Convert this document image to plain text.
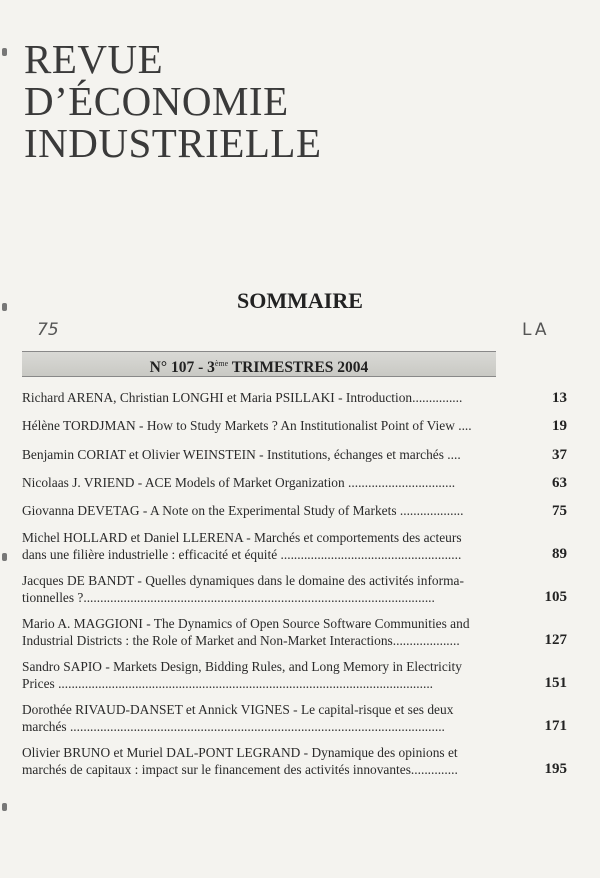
REVUE
D’ÉCONOMIE
INDUSTRIELLE
SOMMAIRE
75	LA
N° 107 - 3ème TRIMESTRES 2004
Richard ARENA, Christian LONGHI et Maria PSILLAKI - Introduction...............	13
Hélène TORDJMAN - How to Study Markets ? An Institutionalist Point of View ....	19
Benjamin CORIAT et Olivier WEINSTEIN - Institutions, échanges et marchés ....	37
Nicolaas J. VRIEND - ACE Models of Market Organization ................................	63
Giovanna DEVETAG - A Note on the Experimental Study of Markets ...................	75
Michel HOLLARD et Daniel LLERENA - Marchés et comportements des acteurs
dans une filière industrielle : efficacité et équité ......................................................	89
Jacques DE BANDT - Quelles dynamiques dans le domaine des activités informa-
tionnelles ?.........................................................................................................	105
Mario A. MAGGIONI - The Dynamics of Open Source Software Communities and
Industrial Districts : the Role of Market and Non-Market Interactions....................	127
Sandro SAPIO - Markets Design, Bidding Rules, and Long Memory in Electricity
Prices ................................................................................................................	151
Dorothée RIVAUD-DANSET et Annick VIGNES - Le capital-risque et ses deux
marchés ................................................................................................................	171
Olivier BRUNO et Muriel DAL-PONT LEGRAND - Dynamique des opinions et
marchés de capitaux : impact sur le financement des activités innovantes..............	195
